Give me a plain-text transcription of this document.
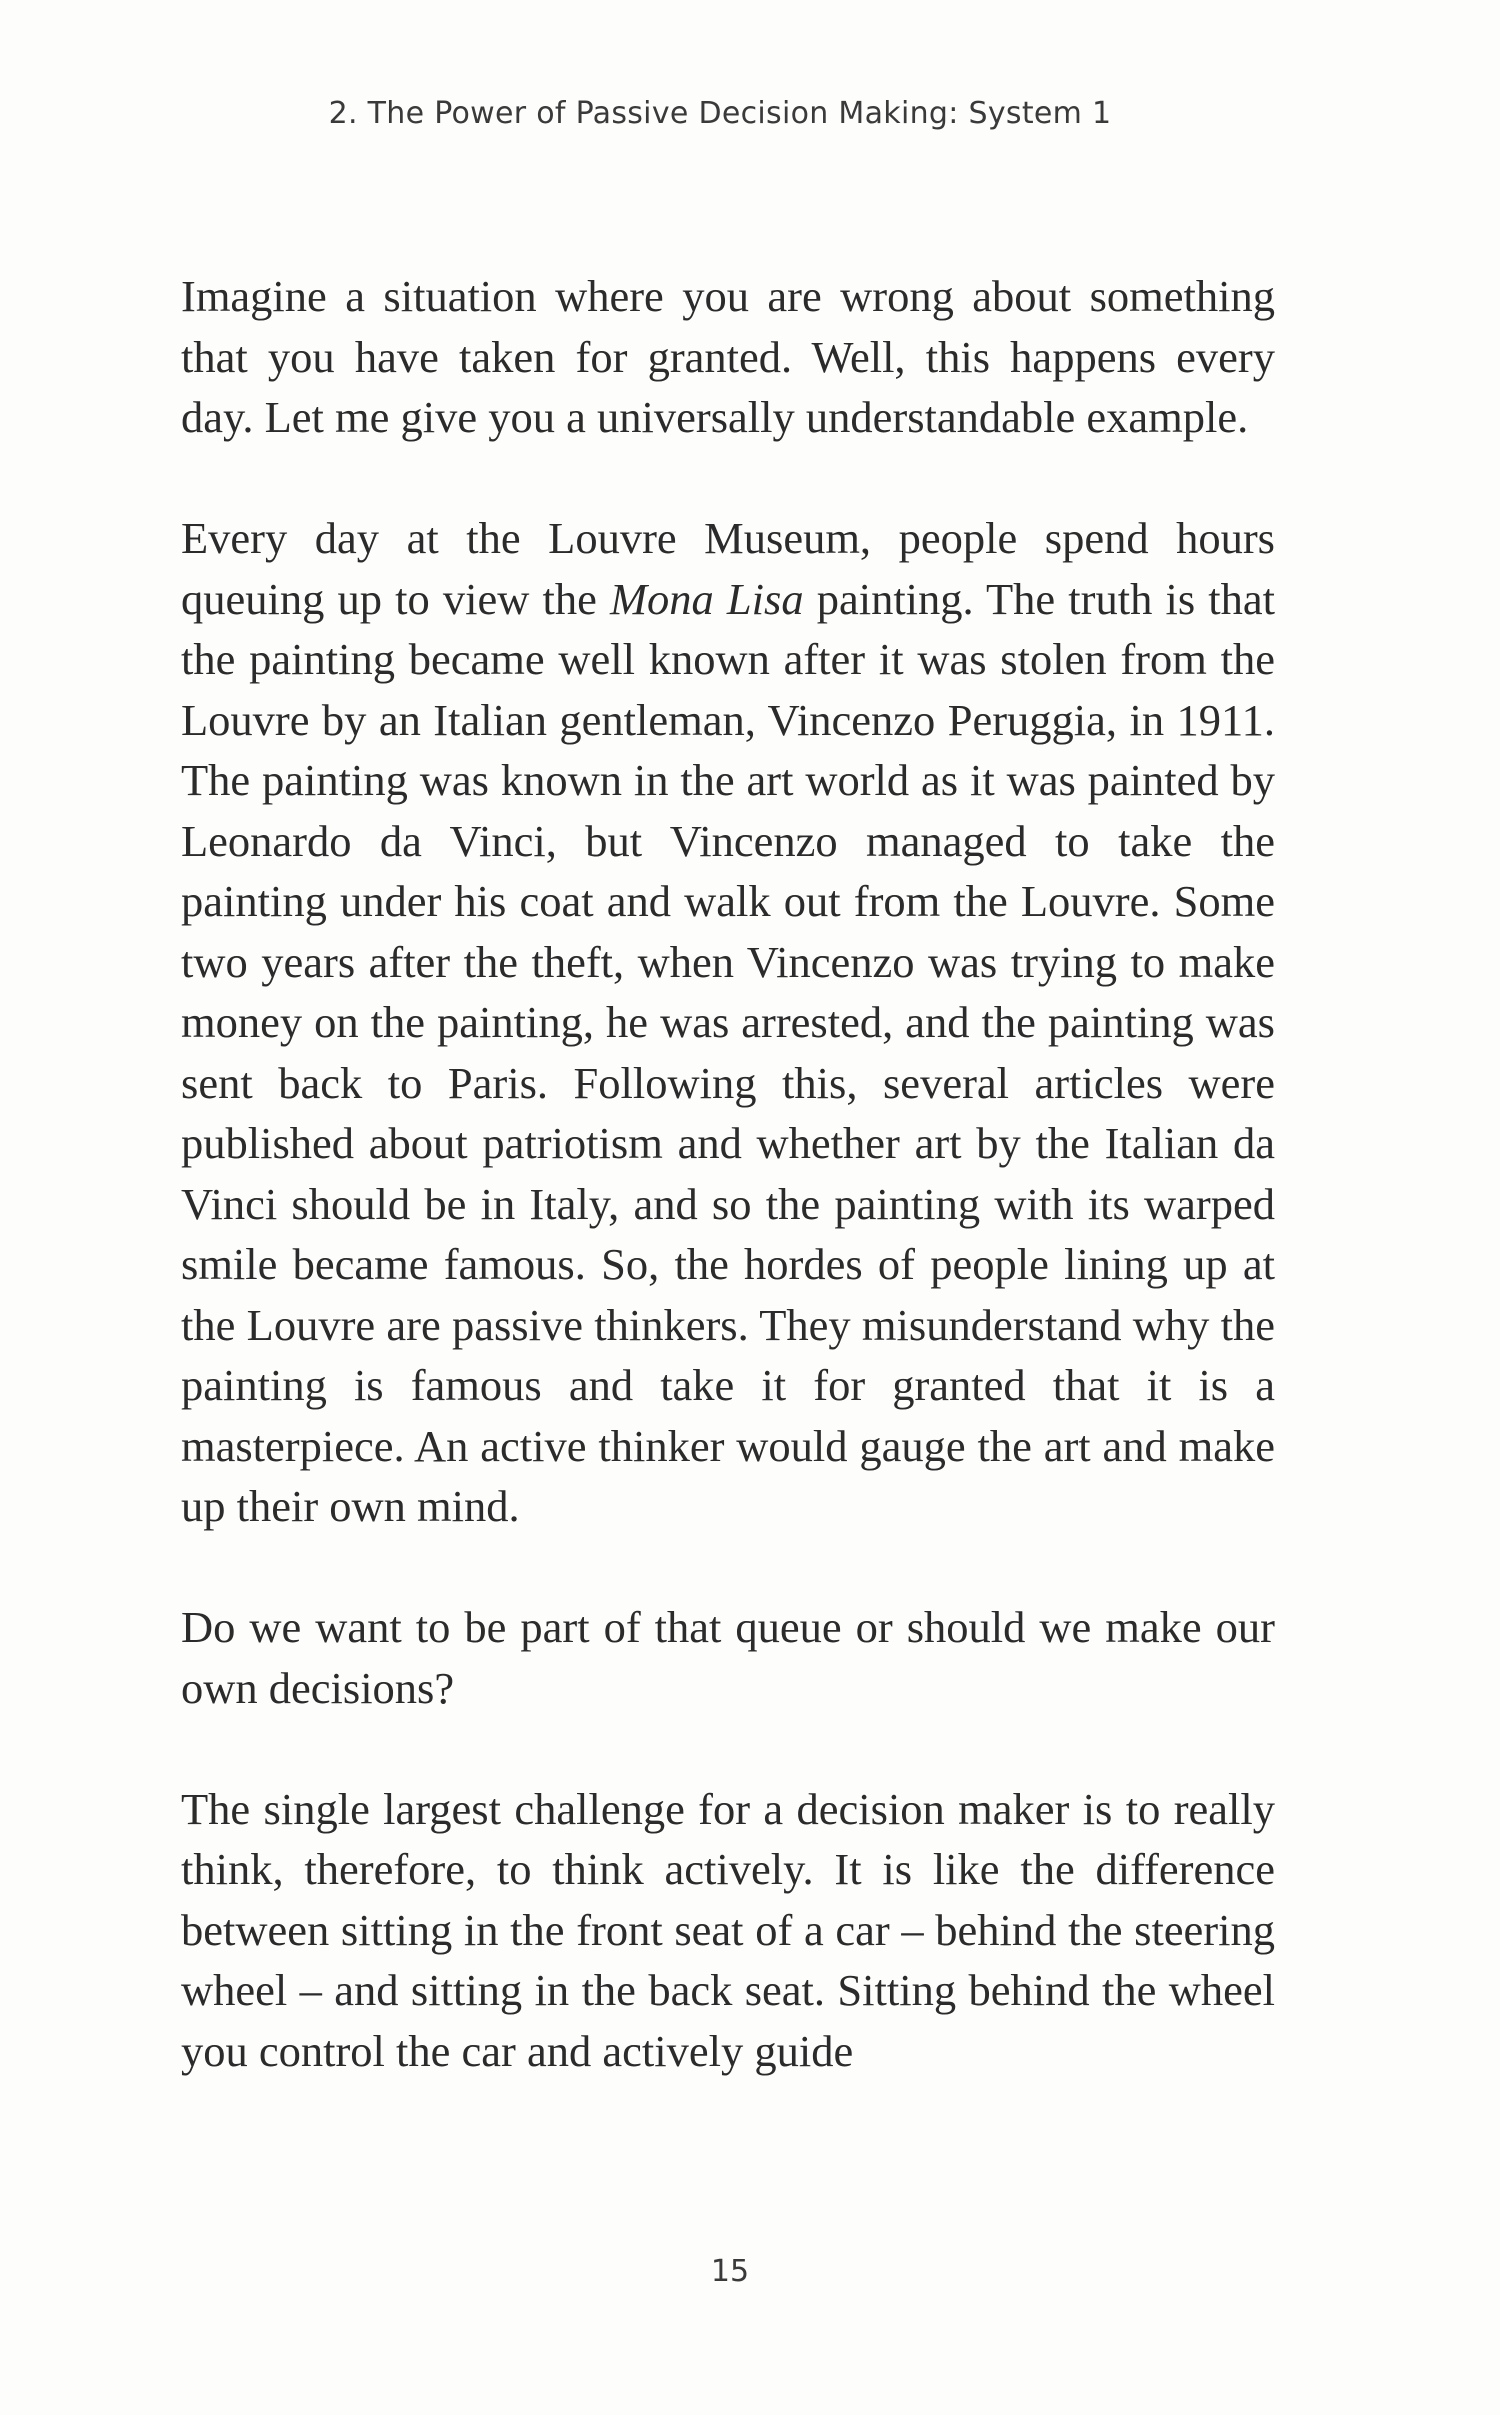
2. The Power of Passive Decision Making: System 1

Imagine a situation where you are wrong about something that you have taken for granted. Well, this happens every day. Let me give you a universally understandable example.

Every day at the Louvre Museum, people spend hours queuing up to view the Mona Lisa painting. The truth is that the painting became well known after it was stolen from the Louvre by an Italian gentleman, Vincenzo Peruggia, in 1911. The painting was known in the art world as it was painted by Leonardo da Vinci, but Vincenzo managed to take the painting under his coat and walk out from the Louvre. Some two years after the theft, when Vincenzo was trying to make money on the painting, he was arrested, and the painting was sent back to Paris. Following this, several articles were published about patriotism and whether art by the Italian da Vinci should be in Italy, and so the painting with its warped smile became famous. So, the hordes of people lining up at the Louvre are passive thinkers. They misunderstand why the painting is famous and take it for granted that it is a masterpiece. An active thinker would gauge the art and make up their own mind.

Do we want to be part of that queue or should we make our own decisions?

The single largest challenge for a decision maker is to really think, therefore, to think actively. It is like the difference between sitting in the front seat of a car – behind the steering wheel – and sitting in the back seat. Sitting behind the wheel you control the car and actively guide

15
